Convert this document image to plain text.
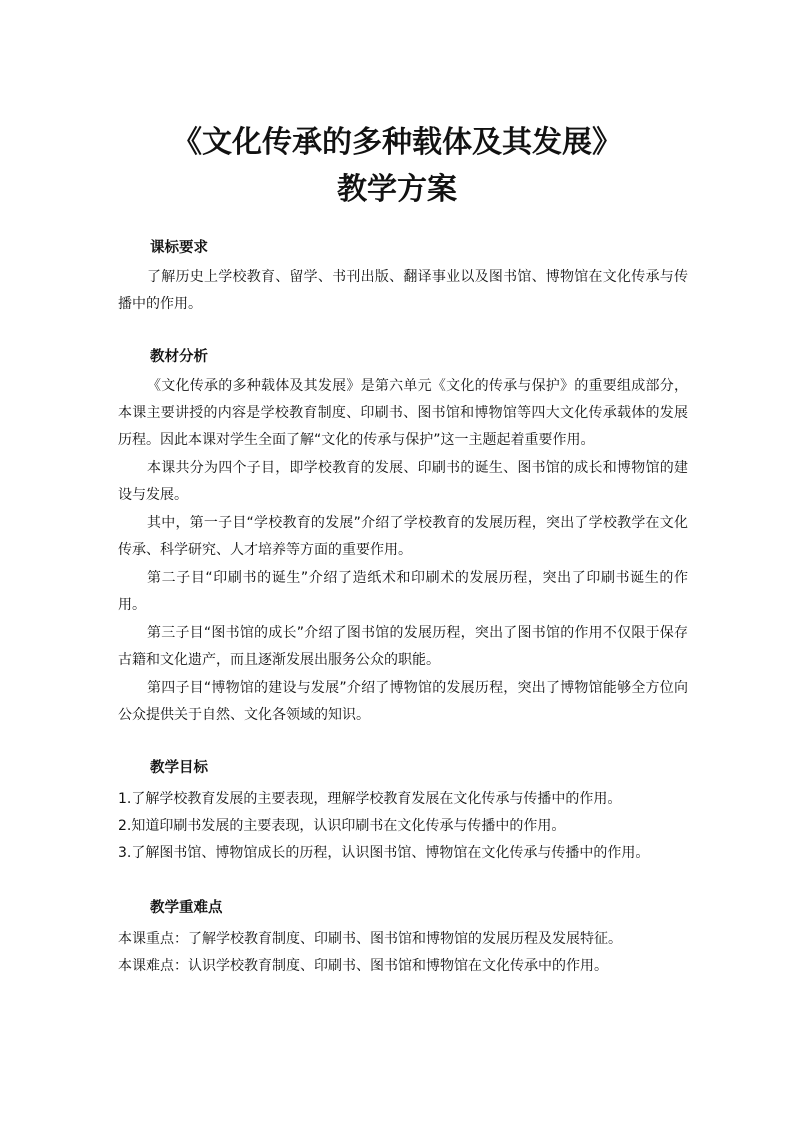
《文化传承的多种载体及其发展》
教学方案
课标要求

了解历史上学校教育、留学、书刊出版、翻译事业以及图书馆、博物馆在文化传承与传播中的作用。

教材分析

《文化传承的多种载体及其发展》是第六单元《文化的传承与保护》的重要组成部分，本课主要讲授的内容是学校教育制度、印刷书、图书馆和博物馆等四大文化传承载体的发展历程。因此本课对学生全面了解“文化的传承与保护”这一主题起着重要作用。

本课共分为四个子目，即学校教育的发展、印刷书的诞生、图书馆的成长和博物馆的建设与发展。

其中，第一子目“学校教育的发展”介绍了学校教育的发展历程，突出了学校教学在文化传承、科学研究、人才培养等方面的重要作用。

第二子目“印刷书的诞生”介绍了造纸术和印刷术的发展历程，突出了印刷书诞生的作用。

第三子目“图书馆的成长”介绍了图书馆的发展历程，突出了图书馆的作用不仅限于保存古籍和文化遗产，而且逐渐发展出服务公众的职能。

第四子目“博物馆的建设与发展”介绍了博物馆的发展历程，突出了博物馆能够全方位向公众提供关于自然、文化各领域的知识。

教学目标

1.了解学校教育发展的主要表现，理解学校教育发展在文化传承与传播中的作用。

2.知道印刷书发展的主要表现，认识印刷书在文化传承与传播中的作用。

3.了解图书馆、博物馆成长的历程，认识图书馆、博物馆在文化传承与传播中的作用。

教学重难点

本课重点：了解学校教育制度、印刷书、图书馆和博物馆的发展历程及发展特征。

本课难点：认识学校教育制度、印刷书、图书馆和博物馆在文化传承中的作用。
